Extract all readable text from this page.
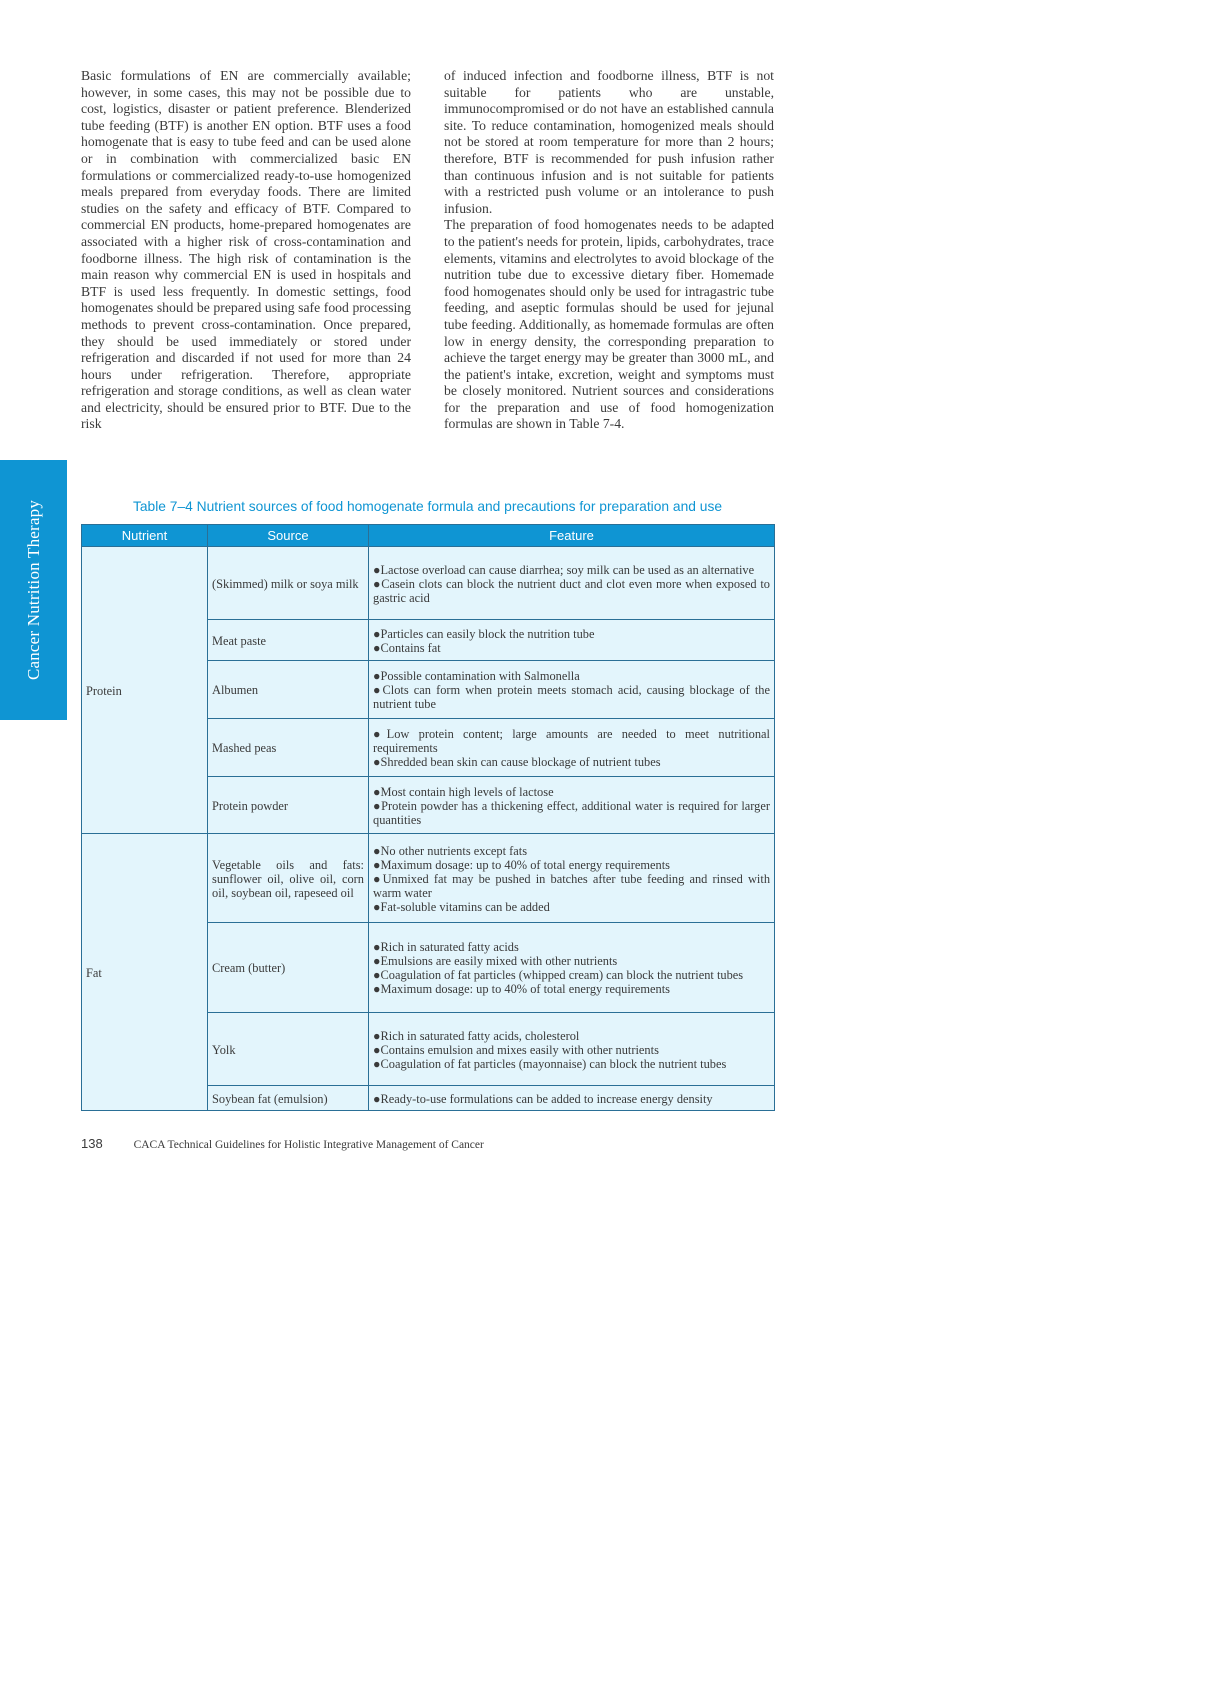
Cancer Nutrition Therapy

Basic formulations of EN are commercially available; however, in some cases, this may not be possible due to cost, logistics, disaster or patient preference. Blenderized tube feeding (BTF) is another EN option. BTF uses a food homogenate that is easy to tube feed and can be used alone or in combination with commercialized basic EN formulations or commercialized ready-to-use homogenized meals prepared from everyday foods. There are limited studies on the safety and efficacy of BTF. Compared to commercial EN products, home-prepared homogenates are associated with a higher risk of cross-contamination and foodborne illness. The high risk of contamination is the main reason why commercial EN is used in hospitals and BTF is used less frequently. In domestic settings, food homogenates should be prepared using safe food processing methods to prevent cross-contamination. Once prepared, they should be used immediately or stored under refrigeration and discarded if not used for more than 24 hours under refrigeration. Therefore, appropriate refrigeration and storage conditions, as well as clean water and electricity, should be ensured prior to BTF. Due to the risk

of induced infection and foodborne illness, BTF is not suitable for patients who are unstable, immunocompromised or do not have an established cannula site. To reduce contamination, homogenized meals should not be stored at room temperature for more than 2 hours; therefore, BTF is recommended for push infusion rather than continuous infusion and is not suitable for patients with a restricted push volume or an intolerance to push infusion.

The preparation of food homogenates needs to be adapted to the patient's needs for protein, lipids, carbohydrates, trace elements, vitamins and electrolytes to avoid blockage of the nutrition tube due to excessive dietary fiber. Homemade food homogenates should only be used for intragastric tube feeding, and aseptic formulas should be used for jejunal tube feeding. Additionally, as homemade formulas are often low in energy density, the corresponding preparation to achieve the target energy may be greater than 3000 mL, and the patient's intake, excretion, weight and symptoms must be closely monitored. Nutrient sources and considerations for the preparation and use of food homogenization formulas are shown in Table 7-4.

Table 7–4 Nutrient sources of food homogenate formula and precautions for preparation and use
Nutrient	Source	Feature
Protein	(Skimmed) milk or soya milk	●Lactose overload can cause diarrhea; soy milk can be used as an alternative
●Casein clots can block the nutrient duct and clot even more when exposed to gastric acid

	Meat paste	●Particles can easily block the nutrition tube
●Contains fat

	Albumen	●Possible contamination with Salmonella
●Clots can form when protein meets stomach acid, causing blockage of the nutrient tube

	Mashed peas	●Low protein content; large amounts are needed to meet nutritional requirements
●Shredded bean skin can cause blockage of nutrient tubes

	Protein powder	●Most contain high levels of lactose
●Protein powder has a thickening effect, additional water is required for larger quantities

Fat	Vegetable oils and fats: sunflower oil, olive oil, corn oil, soybean oil, rapeseed oil	●No other nutrients except fats
●Maximum dosage: up to 40% of total energy requirements
●Unmixed fat may be pushed in batches after tube feeding and rinsed with warm water
●Fat-soluble vitamins can be added

	Cream (butter)	●Rich in saturated fatty acids
●Emulsions are easily mixed with other nutrients
●Coagulation of fat particles (whipped cream) can block the nutrient tubes
●Maximum dosage: up to 40% of total energy requirements

	Yolk	●Rich in saturated fatty acids, cholesterol
●Contains emulsion and mixes easily with other nutrients
●Coagulation of fat particles (mayonnaise) can block the nutrient tubes

	Soybean fat (emulsion)	●Ready-to-use formulations can be added to increase energy density
138	CACA Technical Guidelines for Holistic Integrative Management of Cancer
